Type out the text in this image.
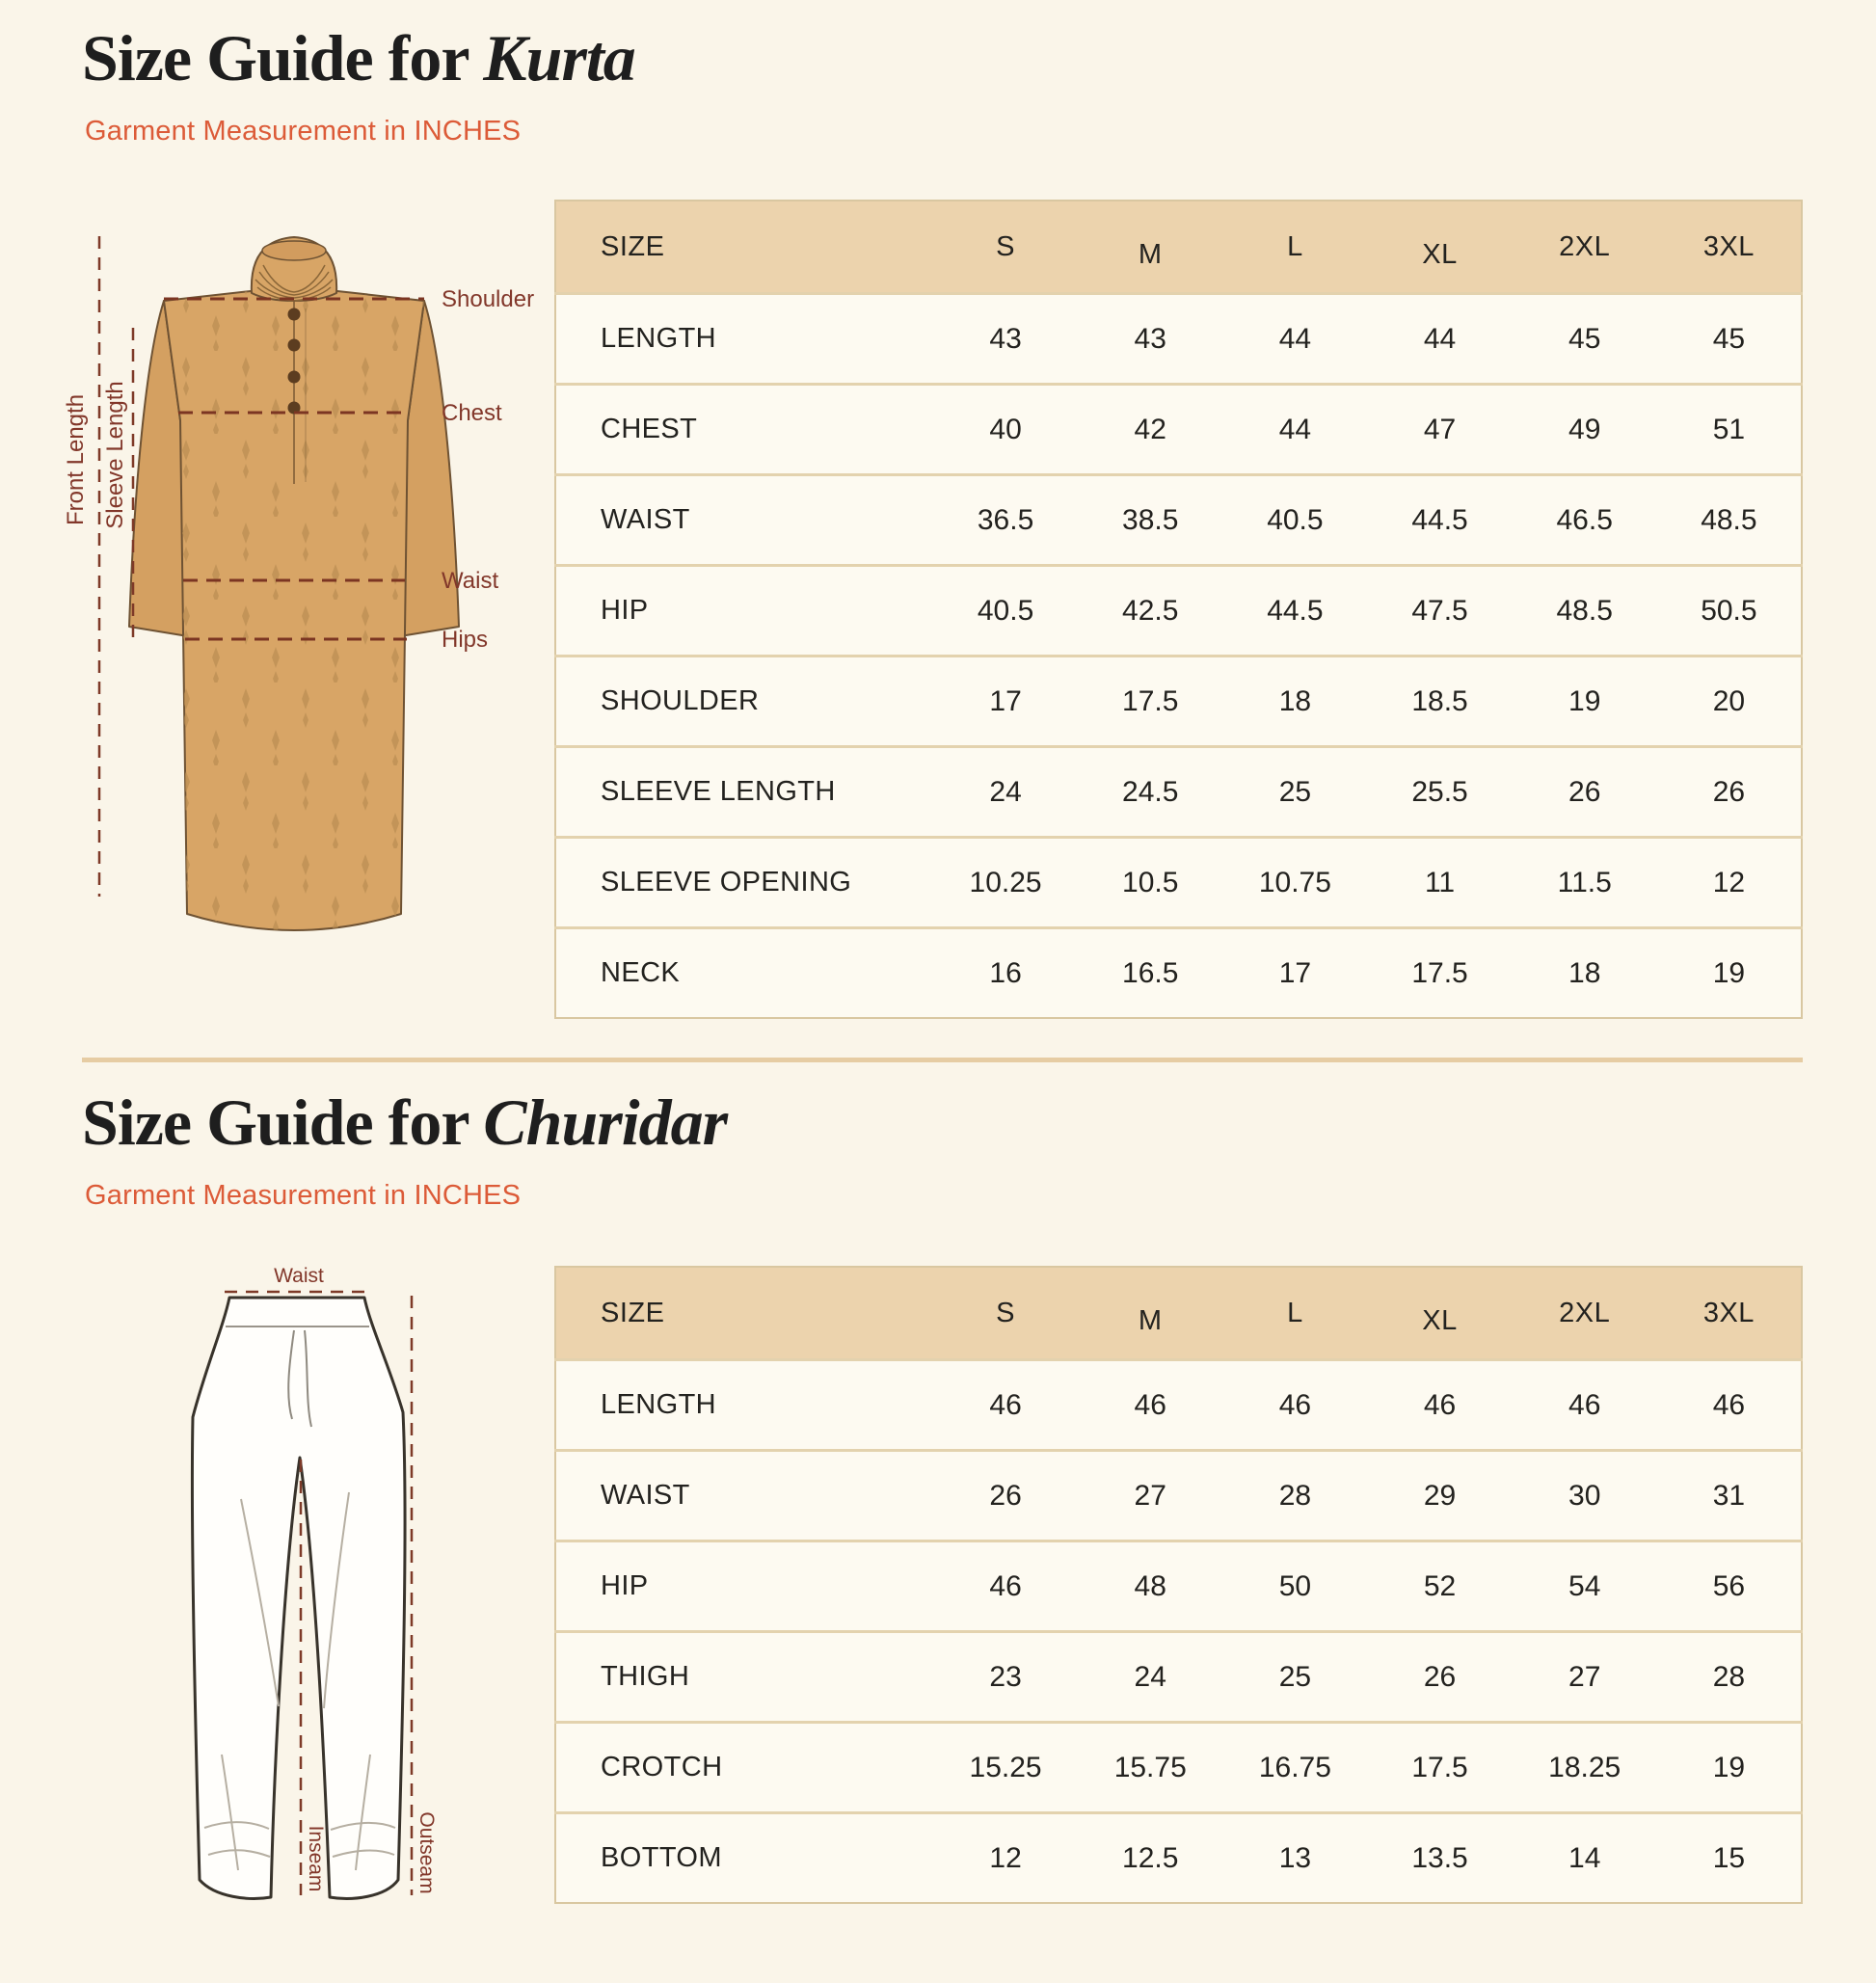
Size Guide for Kurta

Garment Measurement in INCHES

Shoulder
Chest
Waist
Hips
Front Length Sleeve Length
SIZE	S	M	L	XL	2XL	3XL
LENGTH	43	43	44	44	45	45
CHEST	40	42	44	47	49	51
WAIST	36.5	38.5	40.5	44.5	46.5	48.5
HIP	40.5	42.5	44.5	47.5	48.5	50.5
SHOULDER	17	17.5	18	18.5	19	20
SLEEVE LENGTH	24	24.5	25	25.5	26	26
SLEEVE OPENING	10.25	10.5	10.75	11	11.5	12
NECK	16	16.5	17	17.5	18	19
Size Guide for Churidar

Garment Measurement in INCHES

Waist
Inseam	Outseam
SIZE	S	M	L	XL	2XL	3XL
LENGTH	46	46	46	46	46	46
WAIST	26	27	28	29	30	31
HIP	46	48	50	52	54	56
THIGH	23	24	25	26	27	28
CROTCH	15.25	15.75	16.75	17.5	18.25	19
BOTTOM	12	12.5	13	13.5	14	15
